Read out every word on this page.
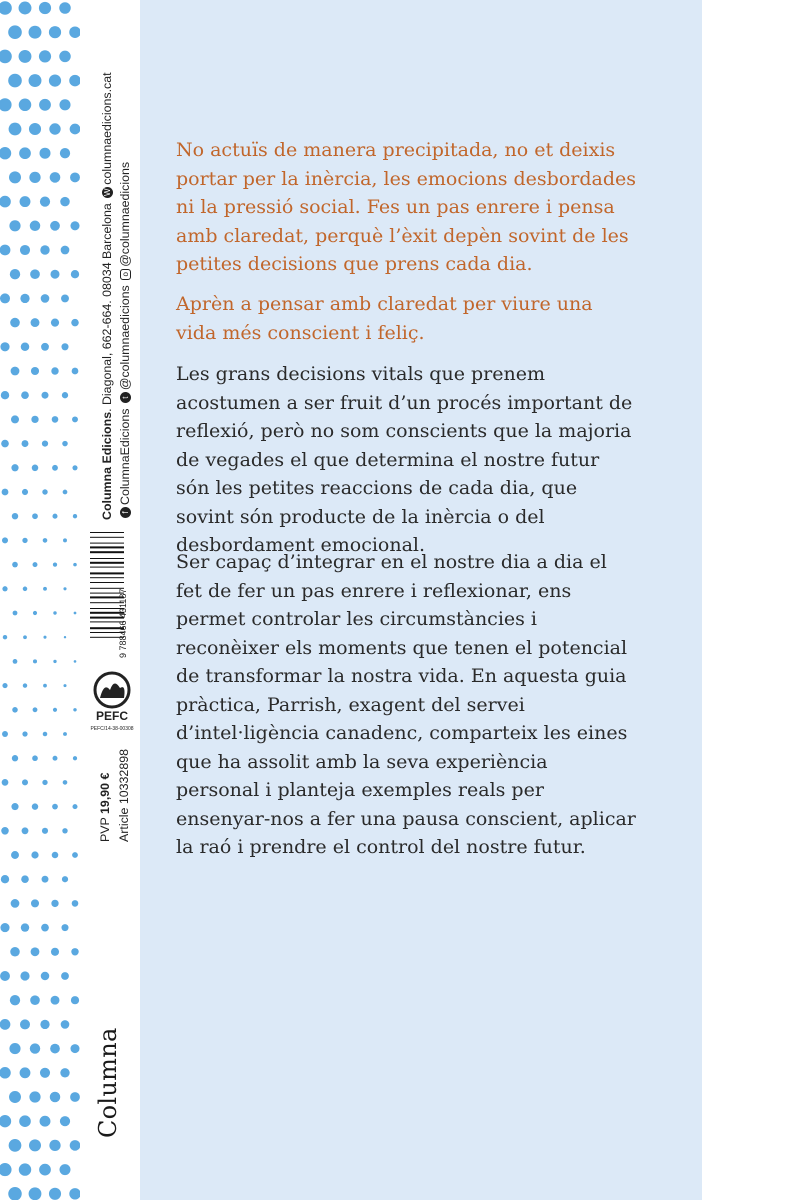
Columna Edicions. Diagonal, 662-664. 08034 Barcelona Wcolumnaedicions.cat
fColumnaEdicions t@columnaedicions o@columnaedicions
9 788466 431187
PEFC
PEFC/14-38-00308
PVP 19,90 € Article 10332898
Columna

No actuïs de manera precipitada, no et deixis portar per la inèrcia, les emocions desbordades ni la pressió social. Fes un pas enrere i pensa amb claredat, perquè l’èxit depèn sovint de les petites decisions que prens cada dia.

Aprèn a pensar amb claredat per viure una vida més conscient i feliç.

Les grans decisions vitals que prenem acostumen a ser fruit d’un procés important de reflexió, però no som conscients que la majoria de vegades el que determina el nostre futur són les petites reaccions de cada dia, que sovint són producte de la inèrcia o del desbordament emocional.

Ser capaç d’integrar en el nostre dia a dia el fet de fer un pas enrere i reflexionar, ens permet controlar les circumstàncies i reconèixer els moments que tenen el potencial de transformar la nostra vida. En aquesta guia pràctica, Parrish, exagent del servei d’intel·ligència canadenc, comparteix les eines que ha assolit amb la seva experiència personal i planteja exemples reals per ensenyar-nos a fer una pausa conscient, aplicar la raó i prendre el control del nostre futur.
